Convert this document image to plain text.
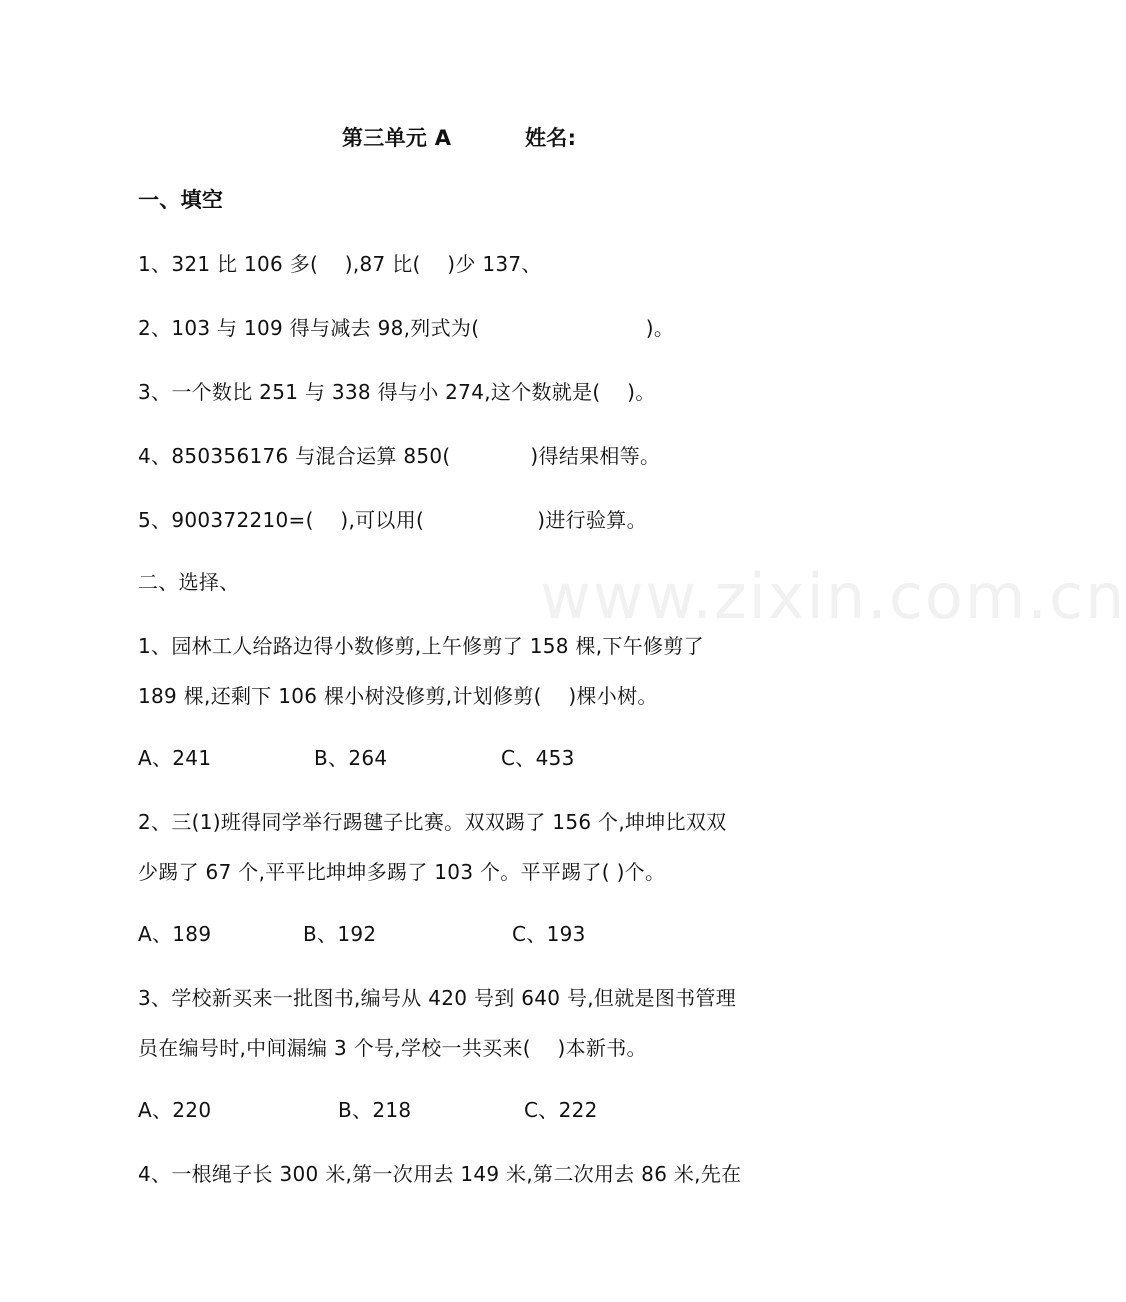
www.zixin.com.cn
第三单元 A	姓名:
一、填空
1、321 比 106 多(    ),87 比(    )少 137、
2、103 与 109 得与减去 98,列式为(                         )。
3、一个数比 251 与 338 得与小 274,这个数就是(    )。
4、850356176 与混合运算 850(            )得结果相等。
5、900372210=(    ),可以用(                 )进行验算。
二、选择、
1、园林工人给路边得小数修剪,上午修剪了 158 棵,下午修剪了
189 棵,还剩下 106 棵小树没修剪,计划修剪(    )棵小树。
A、241	B、264	C、453
2、三(1)班得同学举行踢毽子比赛。双双踢了 156 个,坤坤比双双
少踢了 67 个,平平比坤坤多踢了 103 个。平平踢了( )个。
A、189	B、192	C、193
3、学校新买来一批图书,编号从 420 号到 640 号,但就是图书管理
员在编号时,中间漏编 3 个号,学校一共买来(    )本新书。
A、220	B、218	C、222
4、一根绳子长 300 米,第一次用去 149 米,第二次用去 86 米,先在
